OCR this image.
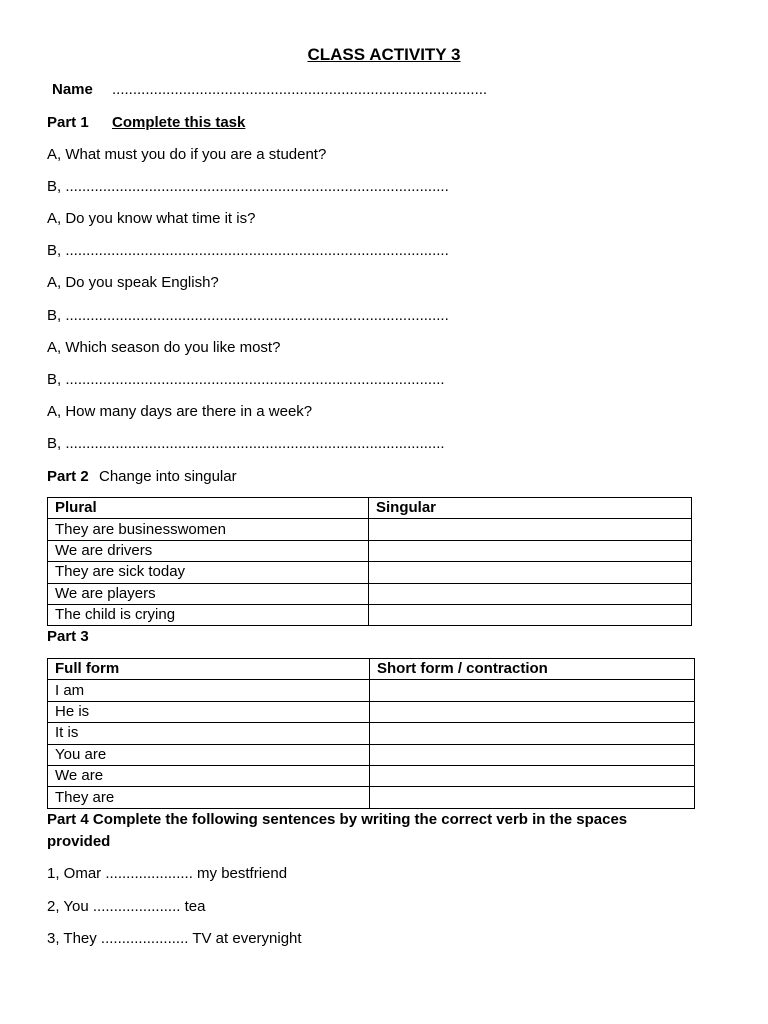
CLASS ACTIVITY 3
Name ..........................................................................................
Part 1 Complete this task
A, What must you do if you are a student?
B, ............................................................................................
A, Do you know what time it is?
B, ............................................................................................
A, Do you speak English?
B, ............................................................................................
A, Which season do you like most?
B, ...........................................................................................
A, How many days are there in a week?
B, ...........................................................................................
Part 2 Change into singular
Plural	Singular
They are businesswomen	
We are drivers	
They are sick today	
We are players	
The child is crying	
Part 3
Full form	Short form / contraction
I am	
He is	
It is	
You are	
We are	
They are	
Part 4 Complete the following sentences by writing the correct verb in the spaces
provided
1, Omar ..................... my bestfriend
2, You ..................... tea
3, They ..................... TV at everynight
